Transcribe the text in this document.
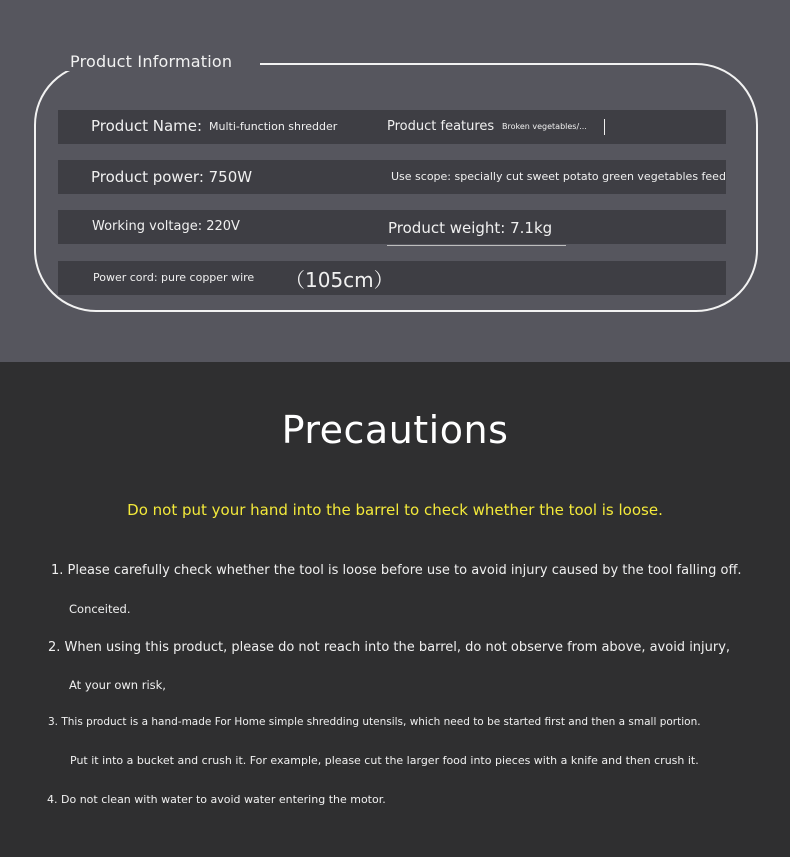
Product Information
Product Name: Multi-function shredder	Product features Broken vegetables/...
Product power: 750W	Use scope: specially cut sweet potato green vegetables feed
Working voltage: 220V	Product weight: 7.1kg
Power cord: pure copper wire （105cm）
Precautions
Do not put your hand into the barrel to check whether the tool is loose.
1. Please carefully check whether the tool is loose before use to avoid injury caused by the tool falling off.
Conceited.
2. When using this product, please do not reach into the barrel, do not observe from above, avoid injury,
At your own risk,
3. This product is a hand-made For Home simple shredding utensils, which need to be started first and then a small portion.
Put it into a bucket and crush it. For example, please cut the larger food into pieces with a knife and then crush it.
4. Do not clean with water to avoid water entering the motor.
